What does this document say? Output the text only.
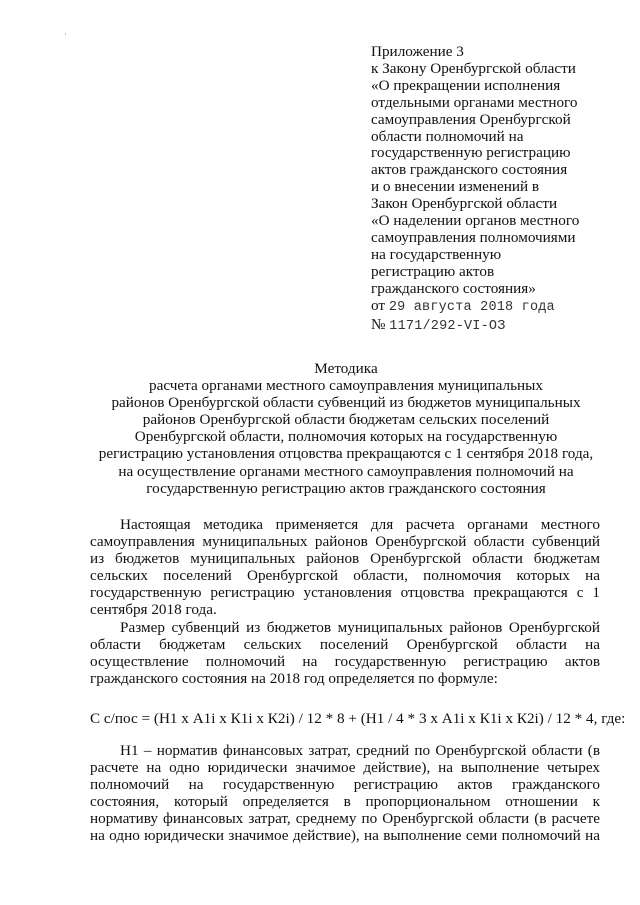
Приложение 3
к Закону Оренбургской области
«О прекращении исполнения
отдельными органами местного
самоуправления Оренбургской
области полномочий на
государственную регистрацию
актов гражданского состояния
и о внесении изменений в
Закон Оренбургской области
«О наделении органов местного
самоуправления полномочиями
на государственную
регистрацию актов
гражданского состояния»
от 29 августа 2018 года
№ 1171/292-VI-ОЗ
Методика
расчета органами местного самоуправления муниципальных
районов Оренбургской области субвенций из бюджетов муниципальных
районов Оренбургской области бюджетам сельских поселений
Оренбургской области, полномочия которых на государственную
регистрацию установления отцовства прекращаются с 1 сентября 2018 года,
на осуществление органами местного самоуправления полномочий на
государственную регистрацию актов гражданского состояния
Настоящая методика применяется для расчета органами местного
самоуправления муниципальных районов Оренбургской области субвенций
из бюджетов муниципальных районов Оренбургской области бюджетам
сельских поселений Оренбургской области, полномочия которых на
государственную регистрацию установления отцовства прекращаются с 1
сентября 2018 года.
Размер субвенций из бюджетов муниципальных районов Оренбургской
области бюджетам сельских поселений Оренбургской области на
осуществление полномочий на государственную регистрацию актов
гражданского состояния на 2018 год определяется по формуле:
С с/пос = (Н1 х А1i х К1i х К2i) / 12 * 8 + (Н1 / 4 * 3 х А1i х К1i х К2i) / 12 * 4, где:
Н1 – норматив финансовых затрат, средний по Оренбургской области (в
расчете на одно юридически значимое действие), на выполнение четырех
полномочий на государственную регистрацию актов гражданского
состояния, который определяется в пропорциональном отношении к
нормативу финансовых затрат, среднему по Оренбургской области (в расчете
на одно юридически значимое действие), на выполнение семи полномочий на
